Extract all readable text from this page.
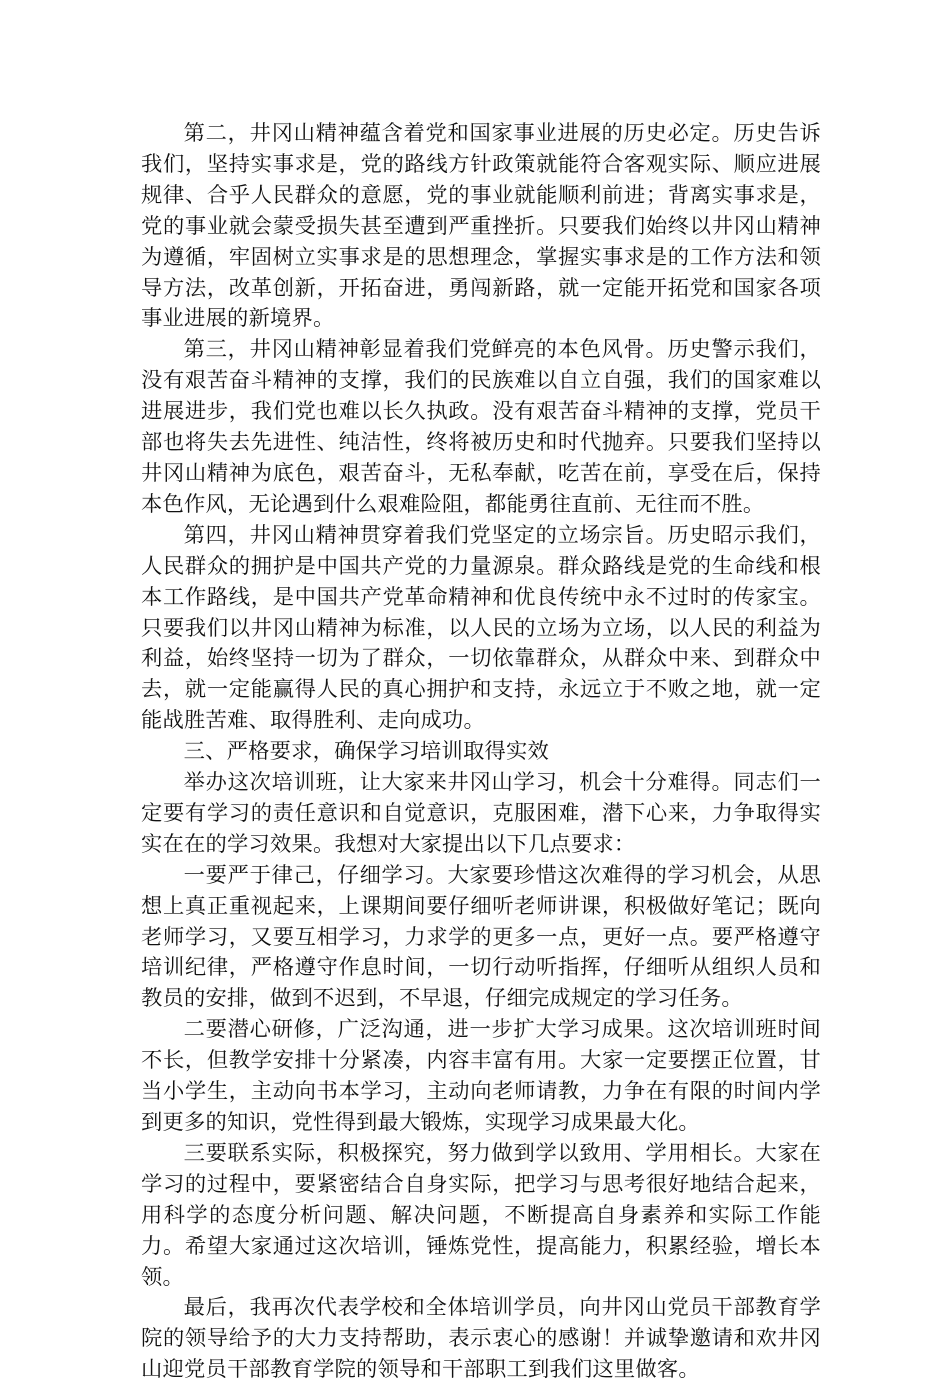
第二，井冈山精神蕴含着党和国家事业进展的历史必定。历史告诉我们，坚持实事求是，党的路线方针政策就能符合客观实际、顺应进展规律、合乎人民群众的意愿，党的事业就能顺利前进；背离实事求是，党的事业就会蒙受损失甚至遭到严重挫折。只要我们始终以井冈山精神为遵循，牢固树立实事求是的思想理念，掌握实事求是的工作方法和领导方法，改革创新，开拓奋进，勇闯新路，就一定能开拓党和国家各项事业进展的新境界。

第三，井冈山精神彰显着我们党鲜亮的本色风骨。历史警示我们，没有艰苦奋斗精神的支撑，我们的民族难以自立自强，我们的国家难以进展进步，我们党也难以长久执政。没有艰苦奋斗精神的支撑，党员干部也将失去先进性、纯洁性，终将被历史和时代抛弃。只要我们坚持以井冈山精神为底色，艰苦奋斗，无私奉献，吃苦在前，享受在后，保持本色作风，无论遇到什么艰难险阻，都能勇往直前、无往而不胜。

第四，井冈山精神贯穿着我们党坚定的立场宗旨。历史昭示我们，人民群众的拥护是中国共产党的力量源泉。群众路线是党的生命线和根本工作路线，是中国共产党革命精神和优良传统中永不过时的传家宝。只要我们以井冈山精神为标准，以人民的立场为立场，以人民的利益为利益，始终坚持一切为了群众，一切依靠群众，从群众中来、到群众中去，就一定能赢得人民的真心拥护和支持，永远立于不败之地，就一定能战胜苦难、取得胜利、走向成功。

三、严格要求，确保学习培训取得实效

举办这次培训班，让大家来井冈山学习，机会十分难得。同志们一定要有学习的责任意识和自觉意识，克服困难，潜下心来，力争取得实实在在的学习效果。我想对大家提出以下几点要求：

一要严于律己，仔细学习。大家要珍惜这次难得的学习机会，从思想上真正重视起来，上课期间要仔细听老师讲课，积极做好笔记；既向老师学习，又要互相学习，力求学的更多一点，更好一点。要严格遵守培训纪律，严格遵守作息时间，一切行动听指挥，仔细听从组织人员和教员的安排，做到不迟到，不早退，仔细完成规定的学习任务。

二要潜心研修，广泛沟通，进一步扩大学习成果。这次培训班时间不长，但教学安排十分紧凑，内容丰富有用。大家一定要摆正位置，甘当小学生，主动向书本学习，主动向老师请教，力争在有限的时间内学到更多的知识，党性得到最大锻炼，实现学习成果最大化。

三要联系实际，积极探究，努力做到学以致用、学用相长。大家在学习的过程中，要紧密结合自身实际，把学习与思考很好地结合起来，用科学的态度分析问题、解决问题，不断提高自身素养和实际工作能力。希望大家通过这次培训，锤炼党性，提高能力，积累经验，增长本领。

最后，我再次代表学校和全体培训学员，向井冈山党员干部教育学院的领导给予的大力支持帮助，表示衷心的感谢！并诚挚邀请和欢井冈山迎党员干部教育学院的领导和干部职工到我们这里做客。
